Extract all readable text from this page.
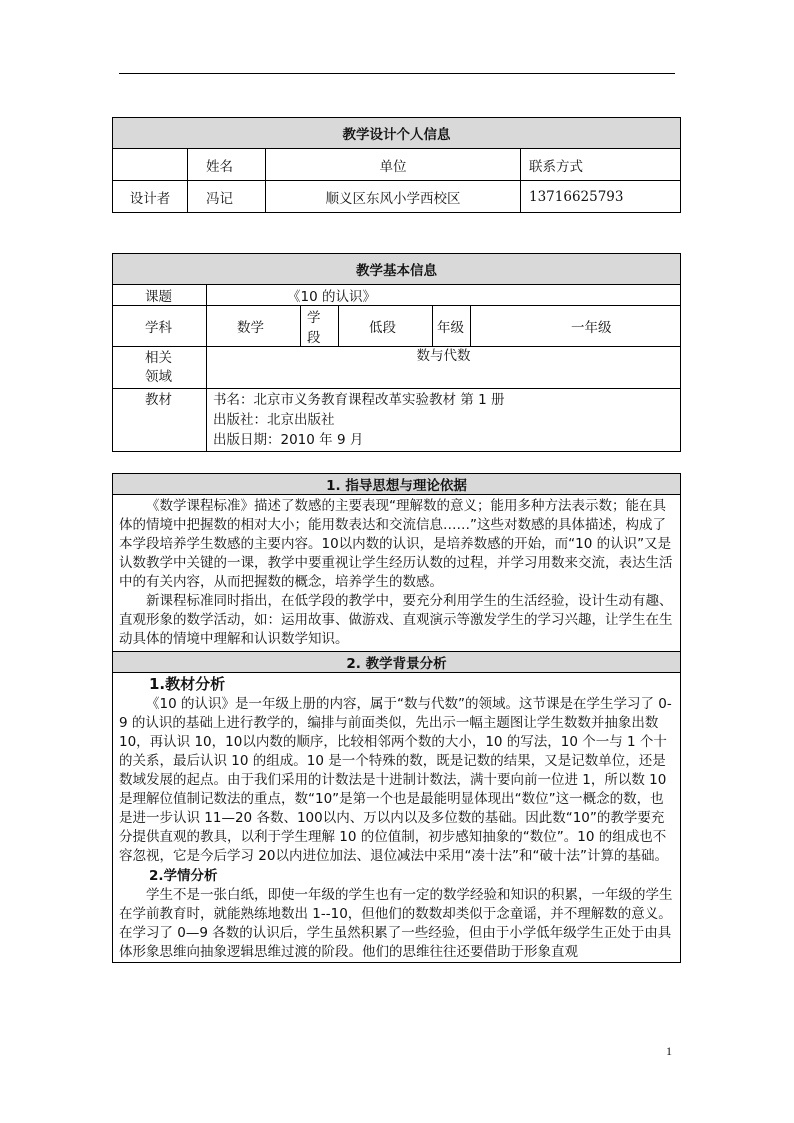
教学设计个人信息			
	姓名	单位	联系方式
设计者	冯记	顺义区东风小学西校区	13716625793
教学基本信息					
课题	《10 的认识》				
学科	数学	学段	低段	年级	一年级
相关
领域	数与代数				
教材	书名：北京市义务教育课程改革实验教材 第 1 册
出版社：北京出版社
出版日期：2010 年 9 月				
1. 指导思想与理论依据

《数学课程标准》描述了数感的主要表现“理解数的意义；能用多种方法表示数；能在具体的情境中把握数的相对大小；能用数表达和交流信息……”这些对数感的具体描述，构成了本学段培养学生数感的主要内容。10以内数的认识，是培养数感的开始，而“10 的认识”又是认数教学中关键的一课，教学中要重视让学生经历认数的过程，并学习用数来交流，表达生活中的有关内容，从而把握数的概念，培养学生的数感。

新课程标准同时指出，在低学段的教学中，要充分利用学生的生活经验，设计生动有趣、直观形象的数学活动，如：运用故事、做游戏、直观演示等激发学生的学习兴趣，让学生在生动具体的情境中理解和认识数学知识。

2. 教学背景分析

1.教材分析

《10 的认识》是一年级上册的内容，属于“数与代数”的领域。这节课是在学生学习了 0-9 的认识的基础上进行教学的，编排与前面类似，先出示一幅主题图让学生数数并抽象出数 10，再认识 10，10以内数的顺序，比较相邻两个数的大小，10 的写法，10 个一与 1 个十的关系，最后认识 10 的组成。10 是一个特殊的数，既是记数的结果，又是记数单位，还是数域发展的起点。由于我们采用的计数法是十进制计数法，满十要向前一位进 1，所以数 10 是理解位值制记数法的重点，数“10”是第一个也是最能明显体现出“数位”这一概念的数，也是进一步认识 11—20 各数、100以内、万以内以及多位数的基础。因此数“10”的教学要充分提供直观的教具，以利于学生理解 10 的位值制，初步感知抽象的“数位”。10 的组成也不容忽视，它是今后学习 20以内进位加法、退位减法中采用“凑十法”和“破十法”计算的基础。

2.学情分析

学生不是一张白纸，即使一年级的学生也有一定的数学经验和知识的积累，一年级的学生在学前教育时，就能熟练地数出 1--10，但他们的数数却类似于念童谣，并不理解数的意义。在学习了 0—9 各数的认识后，学生虽然积累了一些经验，但由于小学低年级学生正处于由具体形象思维向抽象逻辑思维过渡的阶段。他们的思维往往还要借助于形象直观

1
